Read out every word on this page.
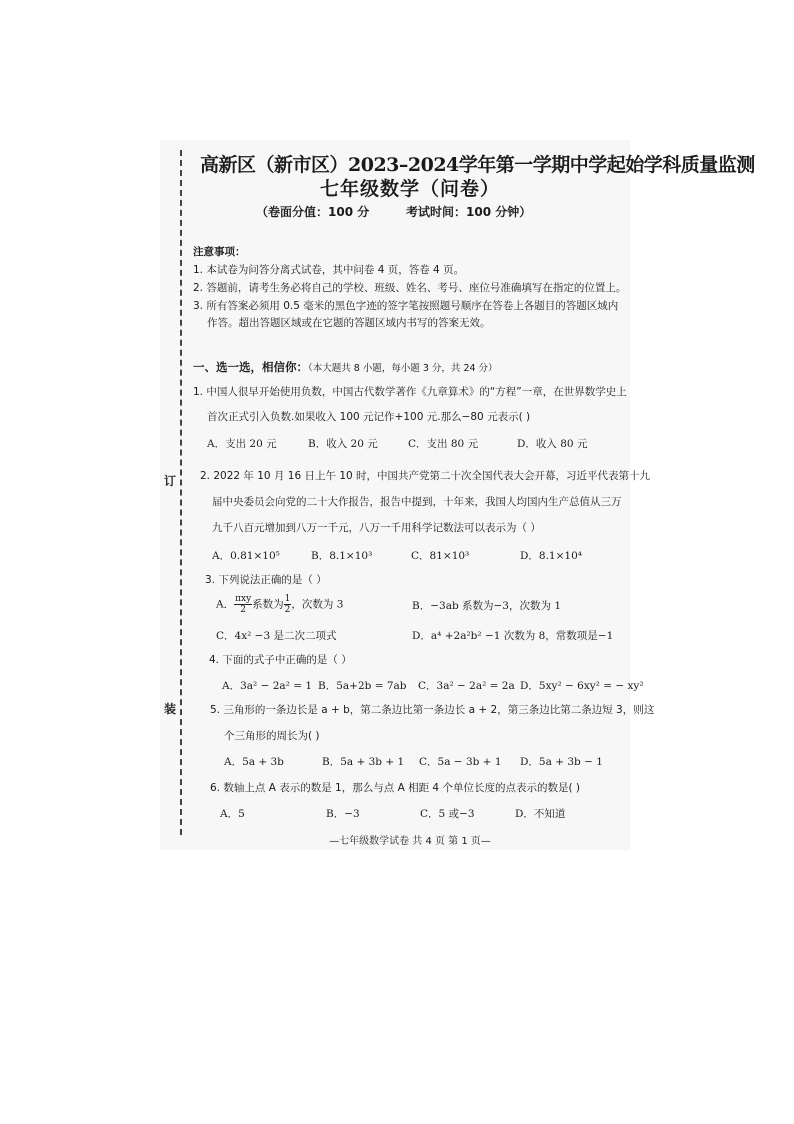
订
装
高新区（新市区）2023–2024学年第一学期中学起始学科质量监测
七年级数学（问卷）
（卷面分值：100 分	考试时间：100 分钟）
注意事项：
1. 本试卷为问答分离式试卷，其中问卷 4 页，答卷 4 页。
2. 答题前，请考生务必将自己的学校、班级、姓名、考号、座位号准确填写在指定的位置上。
3. 所有答案必须用 0.5 毫米的黑色字迹的签字笔按照题号顺序在答卷上各题目的答题区域内
作答。超出答题区域或在它题的答题区域内书写的答案无效。
一、选一选，相信你：（本大题共 8 小题，每小题 3 分，共 24 分）
1. 中国人很早开始使用负数，中国古代数学著作《九章算术》的“方程”一章，在世界数学史上
首次正式引入负数.如果收入 100 元记作+100 元.那么−80 元表示( )
A．支出 20 元	B．收入 20 元	C．支出 80 元	D．收入 80 元
2. 2022 年 10 月 16 日上午 10 时，中国共产党第二十次全国代表大会开幕，习近平代表第十九
届中央委员会向党的二十大作报告，报告中提到，十年来，我国人均国内生产总值从三万
九千八百元增加到八万一千元，八万一千用科学记数法可以表示为（ ）
A．0.81×10⁵	B．8.1×10³	C．81×10³	D．8.1×10⁴
3. 下列说法正确的是（ ）
A． $\frac{\text{πxy}}{2}$ 系数为 $\frac{1}{2}$ ，次数为 3	B．−3ab 系数为−3，次数为 1
C．4x² −3 是二次二项式	D．a⁴ +2a²b² −1 次数为 8，常数项是−1
4. 下面的式子中正确的是（ ）
A．3a² − 2a² = 1 B．5a+2b = 7ab C．3a² − 2a² = 2a D．5xy² − 6xy² = − xy²
5. 三角形的一条边长是 a + b，第二条边比第一条边长 a + 2，第三条边比第二条边短 3，则这
个三角形的周长为( )
A．5a + 3b	B．5a + 3b + 1 C．5a − 3b + 1 D．5a + 3b − 1
6. 数轴上点 A 表示的数是 1，那么与点 A 相距 4 个单位长度的点表示的数是( )
A．5	B．−3	C．5 或−3	D．不知道
—七年级数学试卷 共 4 页 第 1 页—
